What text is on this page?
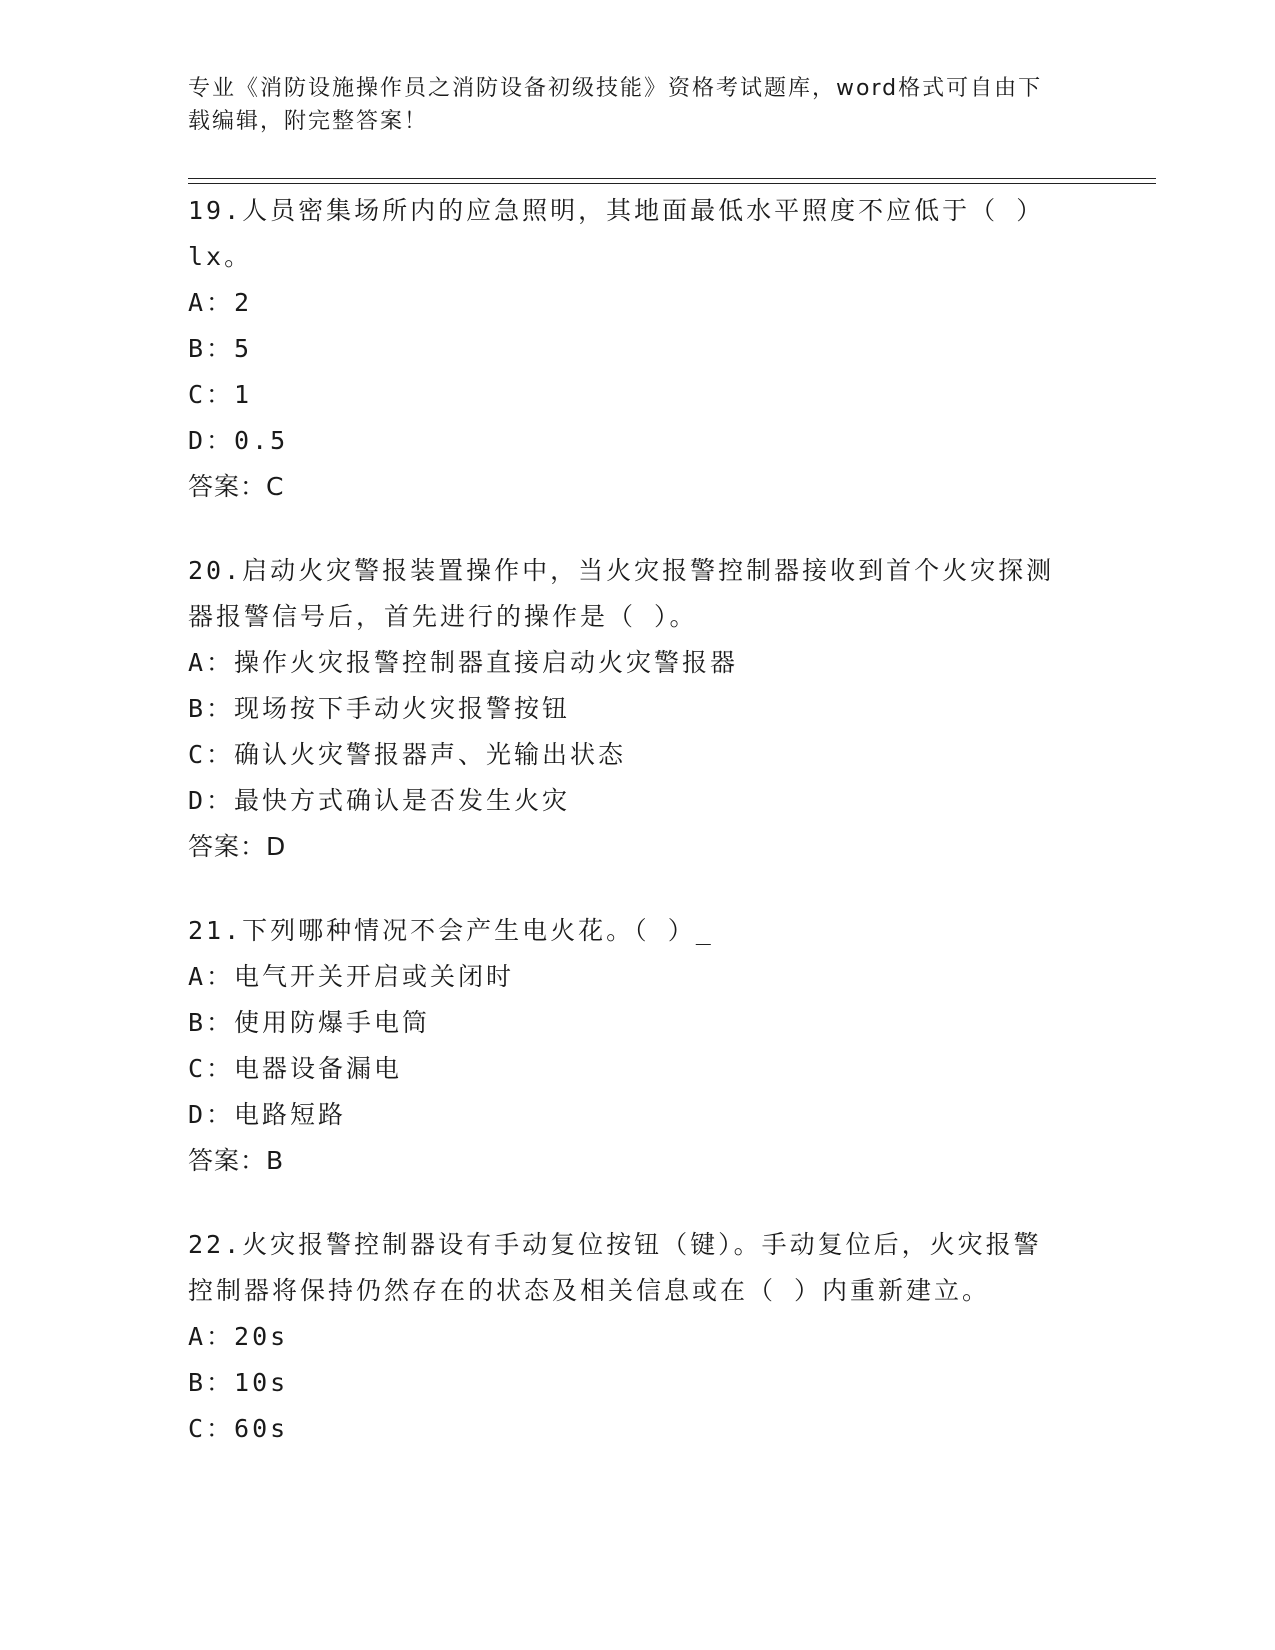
专业《消防设施操作员之消防设备初级技能》资格考试题库，word格式可自由下
载编辑，附完整答案！
19.人员密集场所内的应急照明，其地面最低水平照度不应低于（ ）
lx。
A：2
B：5
C：1
D：0.5
答案：C
20.启动火灾警报装置操作中，当火灾报警控制器接收到首个火灾探测
器报警信号后，首先进行的操作是（ ）。
A：操作火灾报警控制器直接启动火灾警报器
B：现场按下手动火灾报警按钮
C：确认火灾警报器声、光输出状态
D：最快方式确认是否发生火灾
答案：D
21.下列哪种情况不会产生电火花。（ ）_
A：电气开关开启或关闭时
B：使用防爆手电筒
C：电器设备漏电
D：电路短路
答案：B
22.火灾报警控制器设有手动复位按钮（键）。手动复位后，火灾报警
控制器将保持仍然存在的状态及相关信息或在（ ）内重新建立。
A：20s
B：10s
C：60s
